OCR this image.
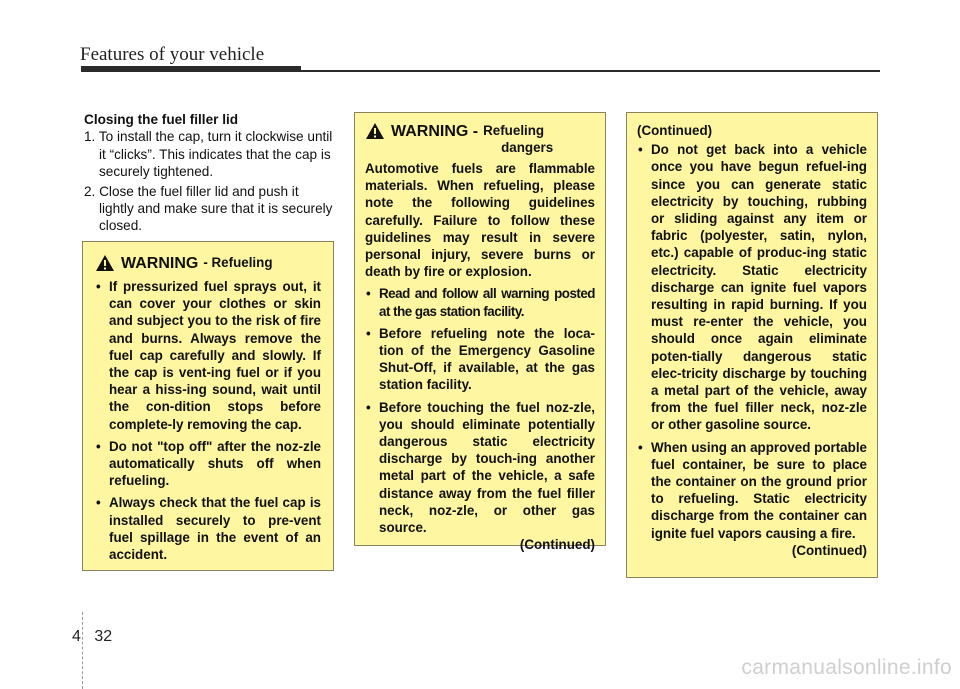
Features of your vehicle
Closing the fuel filler lid
1. To install the cap, turn it clockwise until it “clicks”. This indicates that the cap is securely tightened.
2. Close the fuel filler lid and push it lightly and make sure that it is securely closed.
WARNING - Refueling
• If pressurized fuel sprays out, it can cover your clothes or skin and subject you to the risk of fire and burns. Always remove the fuel cap carefully and slowly. If the cap is vent-ing fuel or if you hear a hiss-ing sound, wait until the con-dition stops before complete-ly removing the cap.
• Do not "top off" after the noz-zle automatically shuts off when refueling.
• Always check that the fuel cap is installed securely to pre-vent fuel spillage in the event of an accident.
WARNING - Refueling
dangers
Automotive fuels are flammable materials. When refueling, please note the following guidelines carefully. Failure to follow these guidelines may result in severe personal injury, severe burns or death by fire or explosion.
• Read and follow all warning posted at the gas station facility.
• Before refueling note the loca-tion of the Emergency Gasoline Shut-Off, if available, at the gas station facility.
• Before touching the fuel noz-zle, you should eliminate potentially dangerous static electricity discharge by touch-ing another metal part of the vehicle, a safe distance away from the fuel filler neck, noz-zle, or other gas source.
(Continued)
(Continued)
• Do not get back into a vehicle once you have begun refuel-ing since you can generate static electricity by touching, rubbing or sliding against any item or fabric (polyester, satin, nylon, etc.) capable of produc-ing static electricity. Static electricity discharge can ignite fuel vapors resulting in rapid burning. If you must re-enter the vehicle, you should once again eliminate poten-tially dangerous static elec-tricity discharge by touching a metal part of the vehicle, away from the fuel filler neck, noz-zle or other gasoline source.
• When using an approved portable fuel container, be sure to place the container on the ground prior to refueling. Static electricity discharge from the container can ignite fuel vapors causing a fire.
(Continued)
4 32
carmanualsonline.info
